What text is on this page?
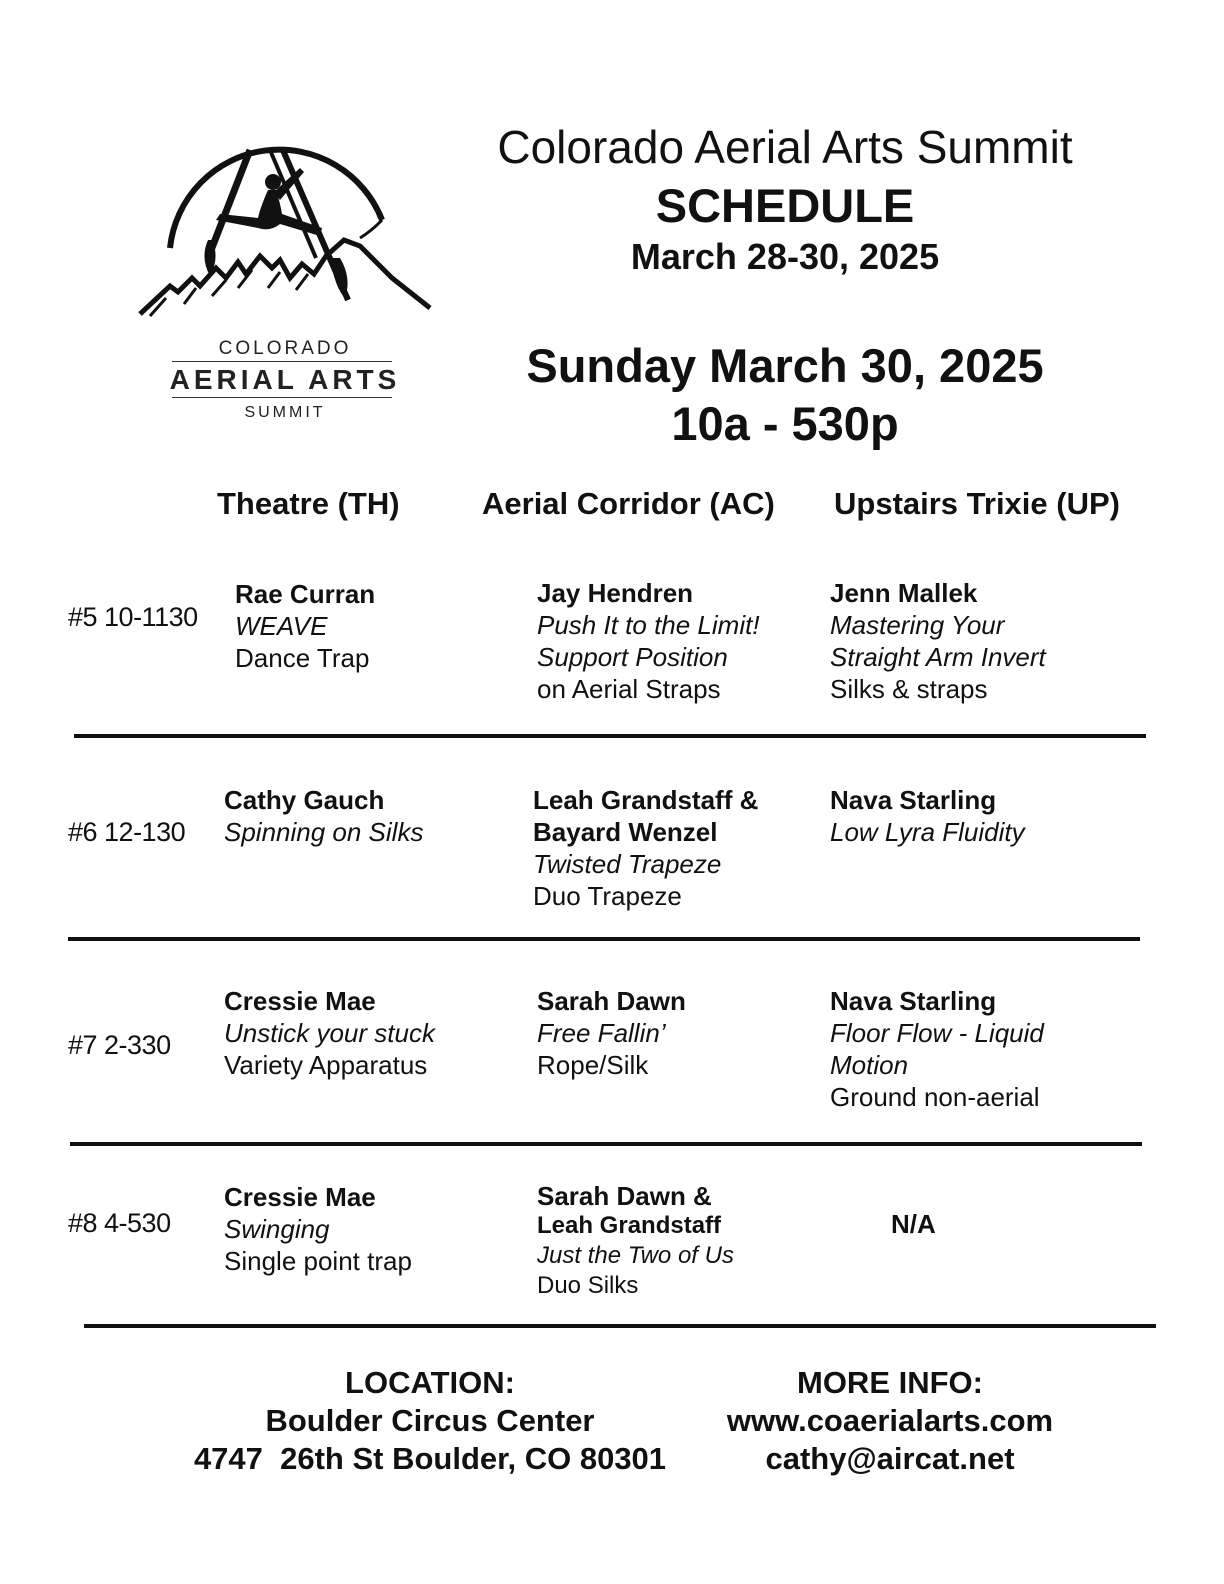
COLORADO
AERIAL ARTS
SUMMIT
Colorado Aerial Arts Summit
SCHEDULE
March 28-30, 2025
Sunday March 30, 2025
10a - 530p
Theatre (TH)	Aerial Corridor (AC) Upstairs Trixie (UP)
#5 10-1130
Rae Curran
WEAVE
Dance Trap
Jay Hendren
Push It to the Limit!
Support Position
on Aerial Straps
Jenn Mallek
Mastering Your
Straight Arm Invert
Silks & straps
#6 12-130
Cathy Gauch
Spinning on Silks
Leah Grandstaff &
Bayard Wenzel
Twisted Trapeze
Duo Trapeze
Nava Starling
Low Lyra Fluidity
#7 2-330
Cressie Mae
Unstick your stuck
Variety Apparatus
Sarah Dawn
Free Fallin’
Rope/Silk
Nava Starling
Floor Flow - Liquid
Motion
Ground non-aerial
#8 4-530
Cressie Mae
Swinging
Single point trap
Sarah Dawn &
Leah Grandstaff
Just the Two of Us
Duo Silks
N/A
LOCATION:
Boulder Circus Center
4747  26th St Boulder, CO 80301
MORE INFO:
www.coaerialarts.com
cathy@aircat.net
